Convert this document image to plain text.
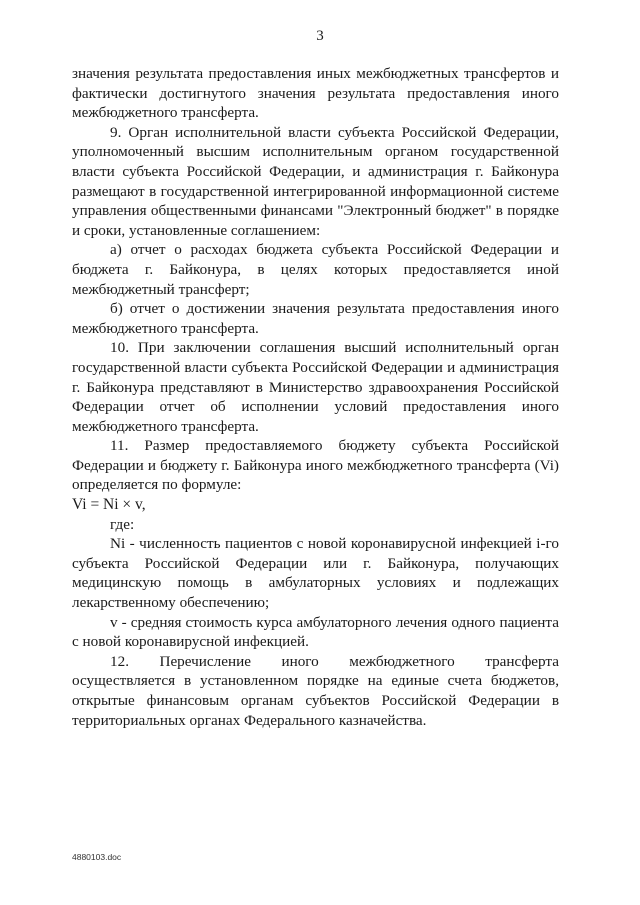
3

значения результата предоставления иных межбюджетных трансфертов и фактически достигнутого значения результата предоставления иного межбюджетного трансферта.

9. Орган исполнительной власти субъекта Российской Федерации, уполномоченный высшим исполнительным органом государственной власти субъекта Российской Федерации, и администрация г. Байконура размещают в государственной интегрированной информационной системе управления общественными финансами "Электронный бюджет" в порядке и сроки, установленные соглашением:

а) отчет о расходах бюджета субъекта Российской Федерации и бюджета г. Байконура, в целях которых предоставляется иной межбюджетный трансферт;

б) отчет о достижении значения результата предоставления иного межбюджетного трансферта.

10. При заключении соглашения высший исполнительный орган государственной власти субъекта Российской Федерации и администрация г. Байконура представляют в Министерство здравоохранения Российской Федерации отчет об исполнении условий предоставления иного межбюджетного трансферта.

11. Размер предоставляемого бюджету субъекта Российской Федерации и бюджету г. Байконура иного межбюджетного трансферта (Vi) определяется по формуле:

Vi = Ni × v,

где:

Ni - численность пациентов с новой коронавирусной инфекцией i-го субъекта Российской Федерации или г. Байконура, получающих медицинскую помощь в амбулаторных условиях и подлежащих лекарственному обеспечению;

v - средняя стоимость курса амбулаторного лечения одного пациента с новой коронавирусной инфекцией.

12. Перечисление иного межбюджетного трансферта осуществляется в установленном порядке на единые счета бюджетов, открытые финансовым органам субъектов Российской Федерации в территориальных органах Федерального казначейства.

4880103.doc
